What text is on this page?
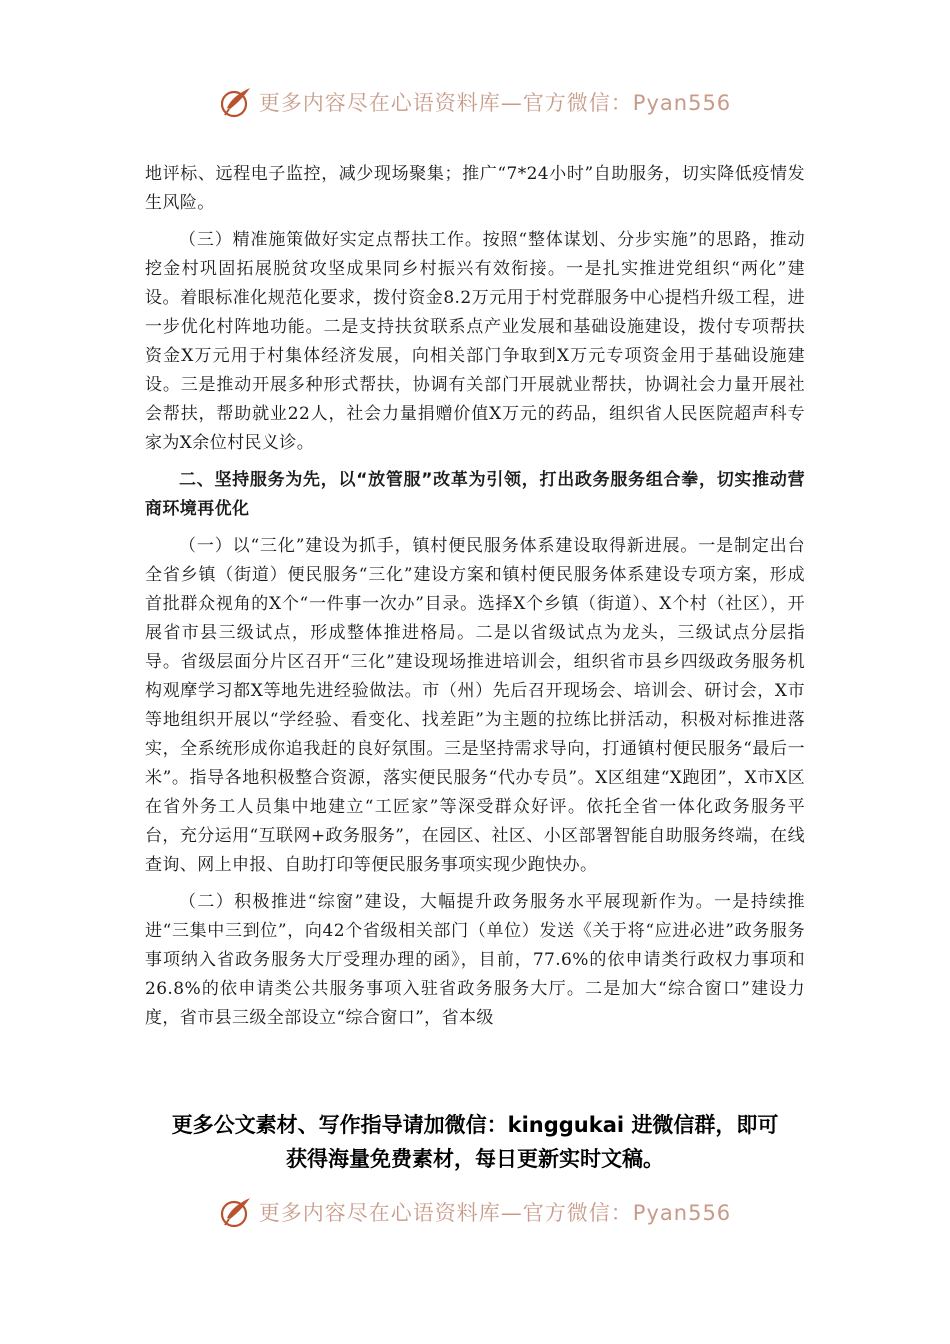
更多内容尽在心语资料库—官方微信：Pyan556

地评标、远程电子监控，减少现场聚集；推广“7*24小时”自助服务，切实降低疫情发生风险。

（三）精准施策做好实定点帮扶工作。按照“整体谋划、分步实施”的思路，推动挖金村巩固拓展脱贫攻坚成果同乡村振兴有效衔接。一是扎实推进党组织“两化”建设。着眼标准化规范化要求，拨付资金8.2万元用于村党群服务中心提档升级工程，进一步优化村阵地功能。二是支持扶贫联系点产业发展和基础设施建设，拨付专项帮扶资金X万元用于村集体经济发展，向相关部门争取到X万元专项资金用于基础设施建设。三是推动开展多种形式帮扶，协调有关部门开展就业帮扶，协调社会力量开展社会帮扶，帮助就业22人，社会力量捐赠价值X万元的药品，组织省人民医院超声科专家为X余位村民义诊。

二、坚持服务为先，以“放管服”改革为引领，打出政务服务组合拳，切实推动营商环境再优化

（一）以“三化”建设为抓手，镇村便民服务体系建设取得新进展。一是制定出台全省乡镇（街道）便民服务“三化”建设方案和镇村便民服务体系建设专项方案，形成首批群众视角的X个“一件事一次办”目录。选择X个乡镇（街道）、X个村（社区），开展省市县三级试点，形成整体推进格局。二是以省级试点为龙头，三级试点分层指导。省级层面分片区召开“三化”建设现场推进培训会，组织省市县乡四级政务服务机构观摩学习都X等地先进经验做法。市（州）先后召开现场会、培训会、研讨会，X市等地组织开展以“学经验、看变化、找差距”为主题的拉练比拼活动，积极对标推进落实，全系统形成你追我赶的良好氛围。三是坚持需求导向，打通镇村便民服务“最后一米”。指导各地积极整合资源，落实便民服务“代办专员”。X区组建“X跑团”，X市X区在省外务工人员集中地建立“工匠家”等深受群众好评。依托全省一体化政务服务平台，充分运用“互联网+政务服务”，在园区、社区、小区部署智能自助服务终端，在线查询、网上申报、自助打印等便民服务事项实现少跑快办。

（二）积极推进“综窗”建设，大幅提升政务服务水平展现新作为。一是持续推进“三集中三到位”，向42个省级相关部门（单位）发送《关于将“应进必进”政务服务事项纳入省政务服务大厅受理办理的函》，目前，77.6%的依申请类行政权力事项和26.8%的依申请类公共服务事项入驻省政务服务大厅。二是加大“综合窗口”建设力度，省市县三级全部设立“综合窗口”，省本级

更多公文素材、写作指导请加微信：kinggukai 进微信群，即可
获得海量免费素材，每日更新实时文稿。
更多内容尽在心语资料库—官方微信：Pyan556
